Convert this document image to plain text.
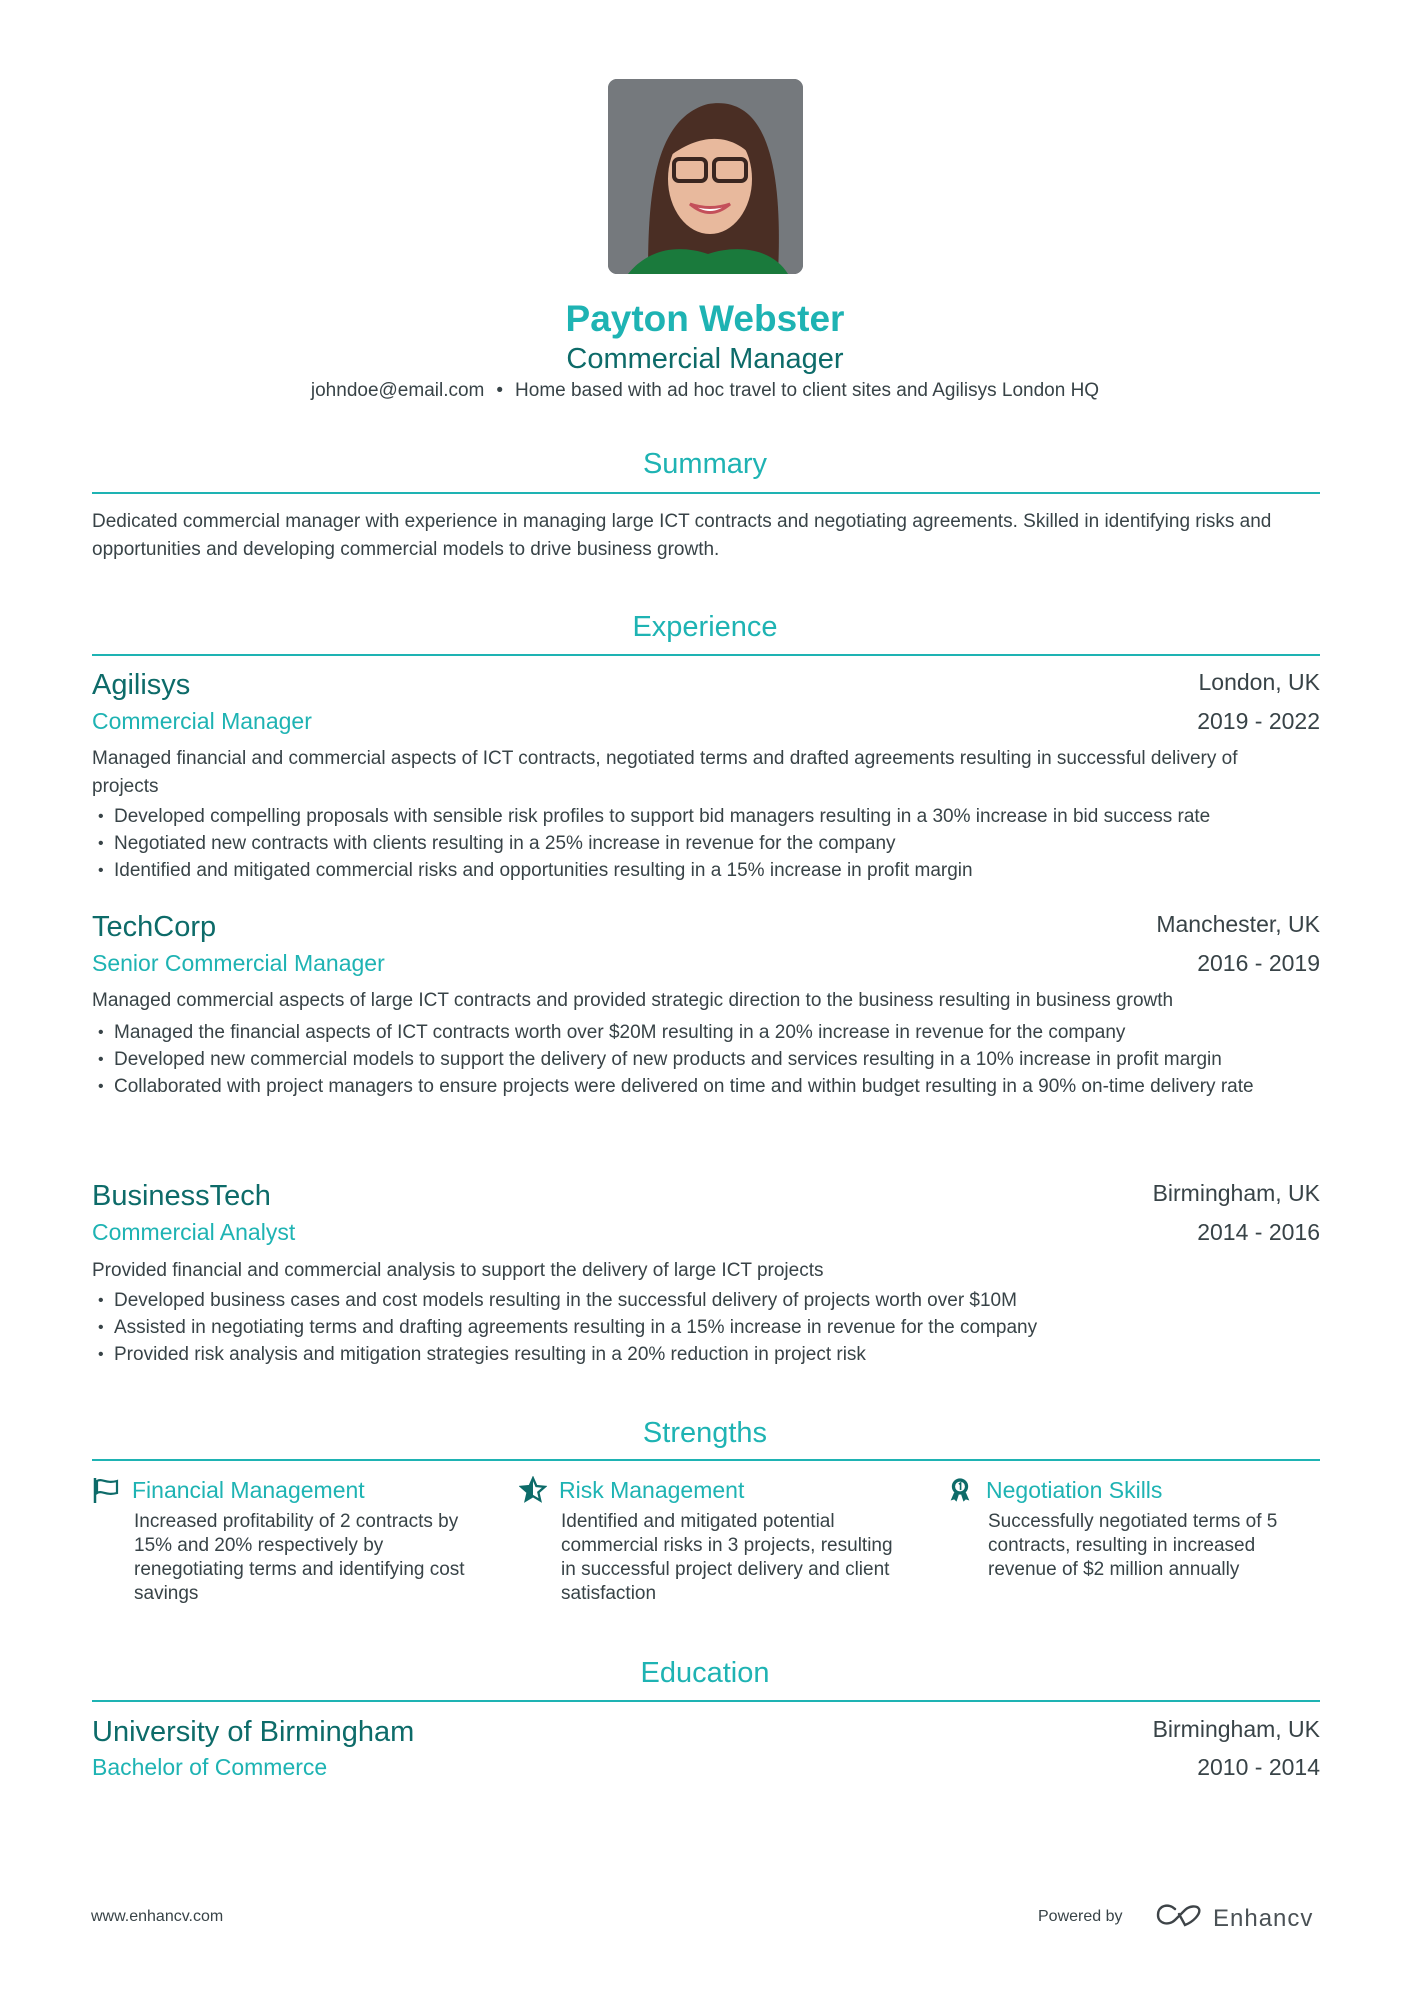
Payton Webster
Commercial Manager
johndoe@email.com • Home based with ad hoc travel to client sites and Agilisys London HQ
Summary
Dedicated commercial manager with experience in managing large ICT contracts and negotiating agreements. Skilled in identifying risks and opportunities and developing commercial models to drive business growth.
Experience
Agilisys	London, UK
Commercial Manager	2019 - 2022
Managed financial and commercial aspects of ICT contracts, negotiated terms and drafted agreements resulting in successful delivery of projects
• Developed compelling proposals with sensible risk profiles to support bid managers resulting in a 30% increase in bid success rate
• Negotiated new contracts with clients resulting in a 25% increase in revenue for the company
• Identified and mitigated commercial risks and opportunities resulting in a 15% increase in profit margin
TechCorp	Manchester, UK
Senior Commercial Manager	2016 - 2019
Managed commercial aspects of large ICT contracts and provided strategic direction to the business resulting in business growth
• Managed the financial aspects of ICT contracts worth over $20M resulting in a 20% increase in revenue for the company
• Developed new commercial models to support the delivery of new products and services resulting in a 10% increase in profit margin
• Collaborated with project managers to ensure projects were delivered on time and within budget resulting in a 90% on-time delivery rate
BusinessTech	Birmingham, UK
Commercial Analyst	2014 - 2016
Provided financial and commercial analysis to support the delivery of large ICT projects
• Developed business cases and cost models resulting in the successful delivery of projects worth over $10M
• Assisted in negotiating terms and drafting agreements resulting in a 15% increase in revenue for the company
• Provided risk analysis and mitigation strategies resulting in a 20% reduction in project risk
Strengths
Financial Management
Increased profitability of 2 contracts by 15% and 20% respectively by renegotiating terms and identifying cost savings
Risk Management
Identified and mitigated potential commercial risks in 3 projects, resulting in successful project delivery and client satisfaction
Negotiation Skills
Successfully negotiated terms of 5 contracts, resulting in increased revenue of $2 million annually
Education
University of Birmingham	Birmingham, UK
Bachelor of Commerce	2010 - 2014
www.enhancv.com	Powered by	Enhancv
